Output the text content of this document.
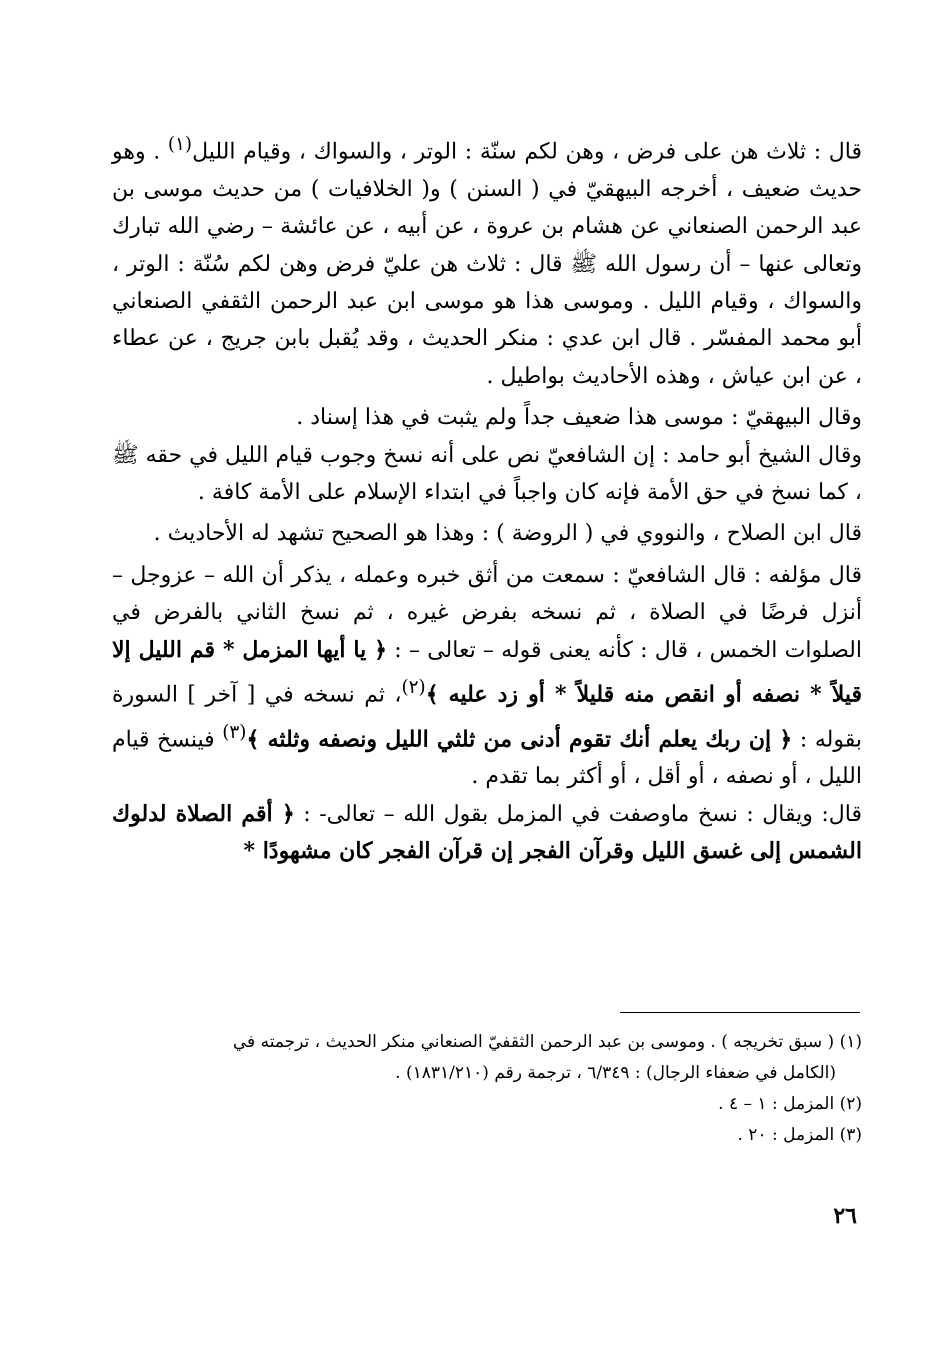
قال : ثلاث هن على فرض ، وهن لكم سنّة : الوتر ، والسواك ، وقيام الليل$^{(١)}$ . وهو حديث ضعيف ، أخرجه البيهقيّ في ( السنن ) و( الخلافيات ) من حديث موسى بن عبد الرحمن الصنعاني عن هشام بن عروة ، عن أبيه ، عن عائشة – رضي الله تبارك وتعالى عنها – أن رسول الله ﷺ قال : ثلاث هن عليّ فرض وهن لكم سُنّة : الوتر ، والسواك ، وقيام الليل . وموسى هذا هو موسى ابن عبد الرحمن الثقفي الصنعاني أبو محمد المفسّر . قال ابن عدي : منكر الحديث ، وقد يُقبل بابن جريج ، عن عطاء ، عن ابن عياش ، وهذه الأحاديث بواطيل .

وقال البيهقيّ : موسى هذا ضعيف جداً ولم يثبت في هذا إسناد .

وقال الشيخ أبو حامد : إن الشافعيّ نص على أنه نسخ وجوب قيام الليل في حقه ﷺ ، كما نسخ في حق الأمة فإنه كان واجباً في ابتداء الإسلام على الأمة كافة .

قال ابن الصلاح ، والنووي في ( الروضة ) : وهذا هو الصحيح تشهد له الأحاديث .

قال مؤلفه : قال الشافعيّ : سمعت من أثق خبره وعمله ، يذكر أن الله – عزوجل – أنزل فرضًا في الصلاة ، ثم نسخه بفرض غيره ، ثم نسخ الثاني بالفرض في الصلوات الخمس ، قال : كأنه يعنى قوله – تعالى – : ﴿ يا أيها المزمل * قم الليل إلا قيلاً * نصفه أو انقص منه قليلاً * أو زد عليه ﴾$^{(٢)}$، ثم نسخه في [ آخر ] السورة بقوله : ﴿ إن ربك يعلم أنك تقوم أدنى من ثلثي الليل ونصفه وثلثه ﴾$^{(٣)}$ فينسخ قيام الليل ، أو نصفه ، أو أقل ، أو أكثر بما تقدم .

قال: ويقال : نسخ ماوصفت في المزمل بقول الله – تعالى- : ﴿ أقم الصلاة لدلوك الشمس إلى غسق الليل وقرآن الفجر إن قرآن الفجر كان مشهودًا *

(١) ( سبق تخريجه ) . وموسى بن عبد الرحمن الثقفيّ الصنعاني منكر الحديث ، ترجمته في

(الكامل في ضعفاء الرجال) : ٦/٣٤٩ ، ترجمة رقم (١٨٣١/٢١٠) .

(٢) المزمل : ١ – ٤ .

(٣) المزمل : ٢٠ .

٢٦
